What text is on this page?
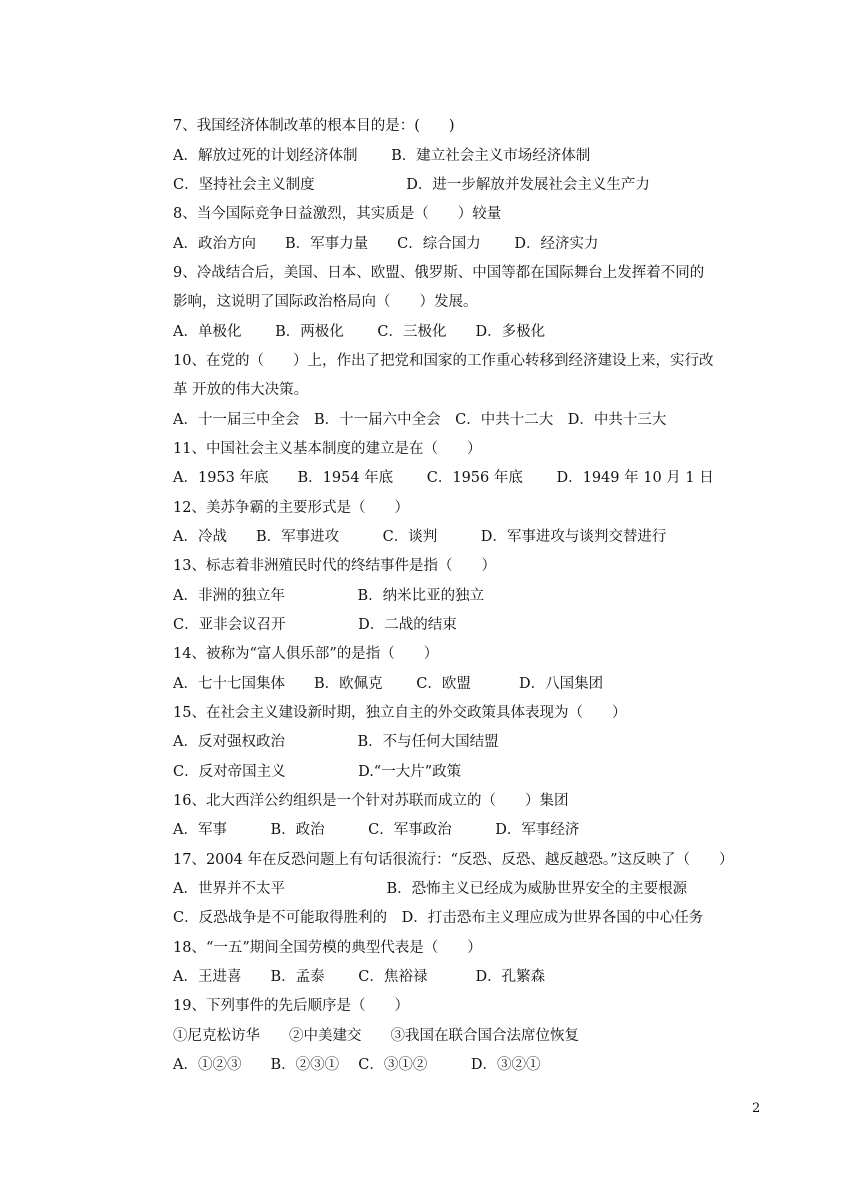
7、我国经济体制改革的根本目的是：(　　)
A．解放过死的计划经济体制　　 B．建立社会主义市场经济体制
C．坚持社会主义制度　　　　　　 D．进一步解放并发展社会主义生产力
8、当今国际竞争日益激烈，其实质是（　　）较量
A．政治方向　　B．军事力量　　C．综合国力　　 D．经济实力
9、冷战结合后，美国、日本、欧盟、俄罗斯、中国等都在国际舞台上发挥着不同的
影响，这说明了国际政治格局向（　　）发展。
A．单极化　　 B．两极化　　 C．三极化　　D．多极化
10、在党的（　　）上，作出了把党和国家的工作重心转移到经济建设上来，实行改
革 开放的伟大决策。
A．十一届三中全会　B．十一届六中全会　C．中共十二大　D．中共十三大
11、中国社会主义基本制度的建立是在（　　）
A．1953 年底　　B．1954 年底　　 C．1956 年底　　 D．1949 年 10 月 1 日
12、美苏争霸的主要形式是（　　）
A．冷战　　B．军事进攻　　　C．谈判　　　D．军事进攻与谈判交替进行
13、标志着非洲殖民时代的终结事件是指（　　）
A．非洲的独立年　　　　　B．纳米比亚的独立
C．亚非会议召开　　　　　D．二战的结束
14、被称为“富人俱乐部”的是指（　　）
A．七十七国集体　　B．欧佩克　　 C．欧盟　　　 D．八国集团
15、在社会主义建设新时期，独立自主的外交政策具体表现为（　　）
A．反对强权政治　　　　　B．不与任何大国结盟
C．反对帝国主义　　　　　D.“一大片”政策
16、北大西洋公约组织是一个针对苏联而成立的（　　）集团
A．军事　　　B．政治　　　C．军事政治　　　D．军事经济
17、2004 年在反恐问题上有句话很流行：“反恐、反恐、越反越恐。”这反映了（　　）
A．世界并不太平　　　　　　　B．恐怖主义已经成为威胁世界安全的主要根源
C．反恐战争是不可能取得胜利的　D．打击恐布主义理应成为世界各国的中心任务
18、“一五”期间全国劳模的典型代表是（　　）
A．王进喜　　B．孟泰　　 C．焦裕禄　　　 D．孔繁森
19、下列事件的先后顺序是（　　）
①尼克松访华　　②中美建交　　③我国在联合国合法席位恢复
A．①②③　　B．②③①　 C．③①②　　　D．③②①
2
